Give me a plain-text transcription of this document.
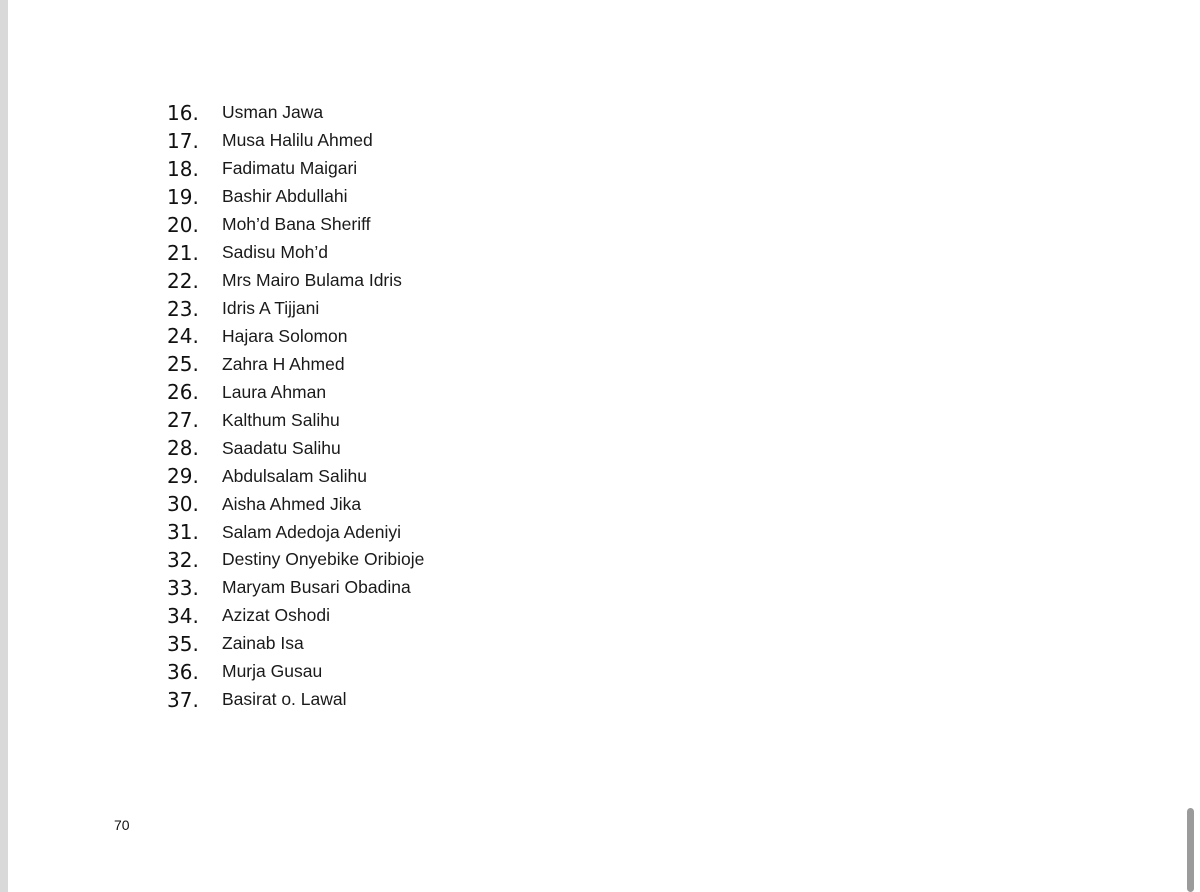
16.	Usman Jawa
17.	Musa Halilu Ahmed
18.	Fadimatu Maigari
19.	Bashir Abdullahi
20.	Moh’d Bana Sheriff
21.	Sadisu Moh’d
22.	Mrs Mairo Bulama Idris
23.	Idris A Tijjani
24.	Hajara Solomon
25.	Zahra H Ahmed
26.	Laura Ahman
27.	Kalthum Salihu
28.	Saadatu Salihu
29.	Abdulsalam Salihu
30.	Aisha Ahmed Jika
31.	Salam Adedoja Adeniyi
32.	Destiny Onyebike Oribioje
33.	Maryam Busari Obadina
34.	Azizat Oshodi
35.	Zainab Isa
36.	Murja Gusau
37.	Basirat o. Lawal
70
